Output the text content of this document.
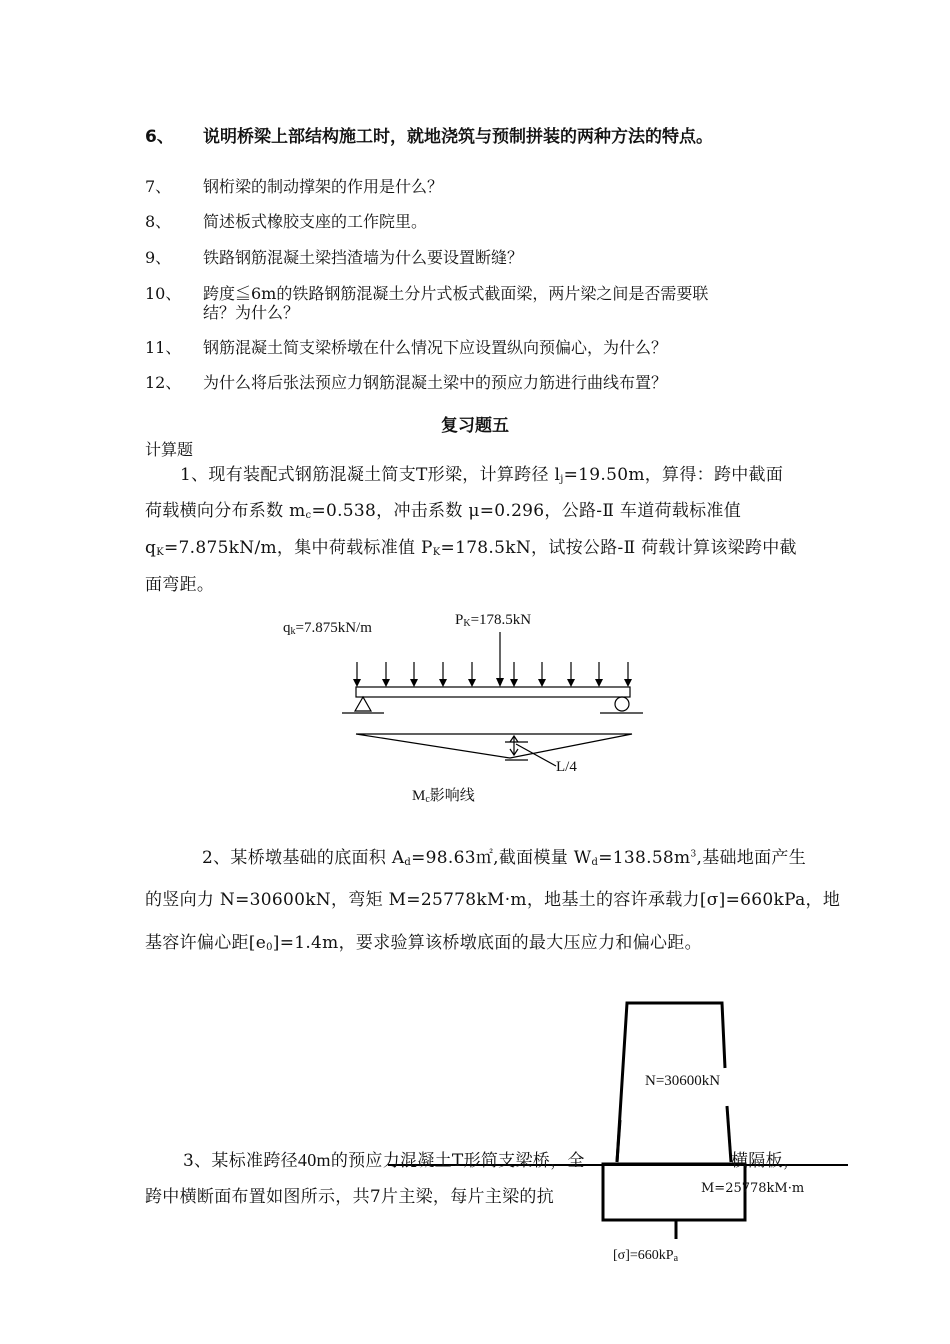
6、 说明桥梁上部结构施工时，就地浇筑与预制拼装的两种方法的特点。
7、 钢桁梁的制动撑架的作用是什么？
8、 简述板式橡胶支座的工作院里。
9、 铁路钢筋混凝土梁挡渣墙为什么要设置断缝？
10、 跨度≦6m的铁路钢筋混凝土分片式板式截面梁，两片梁之间是否需要联
结？为什么？
11、 钢筋混凝土简支梁桥墩在什么情况下应设置纵向预偏心，为什么？
12、 为什么将后张法预应力钢筋混凝土梁中的预应力筋进行曲线布置？
复习题五
计算题
1、现有装配式钢筋混凝土简支T形梁，计算跨径 $l_j=19.50m$，算得：跨中截面
荷载横向分布系数 $m_c=0.538$，冲击系数 μ=0.296，公路-Ⅱ 车道荷载标准值
$q_K=7.875kN/m$，集中荷载标准值 $P_K=178.5kN$，试按公路-Ⅱ 荷载计算该梁跨中截
面弯距。
$q_k=7.875kN/m$	$P_K=178.5kN$
L/4
$M_c$影响线
2、某桥墩基础的底面积 $A_d=98.63㎡$,截面模量 $W_d=138.58m^3$,基础地面产生
的竖向力 N=30600kN，弯矩 M=25778kM·m，地基土的容许承载力[σ]=660kPa，地
基容许偏心距$[e_0]=1.4m$，要求验算该桥墩底面的最大压应力和偏心距。
N=30600kN
M=25778kM·m
$[\sigma]=660kP_a$
3、某标准跨径40m的预应力混凝土T形简支梁桥，全	横隔板，
跨中横断面布置如图所示，共7片主梁，每片主梁的抗
